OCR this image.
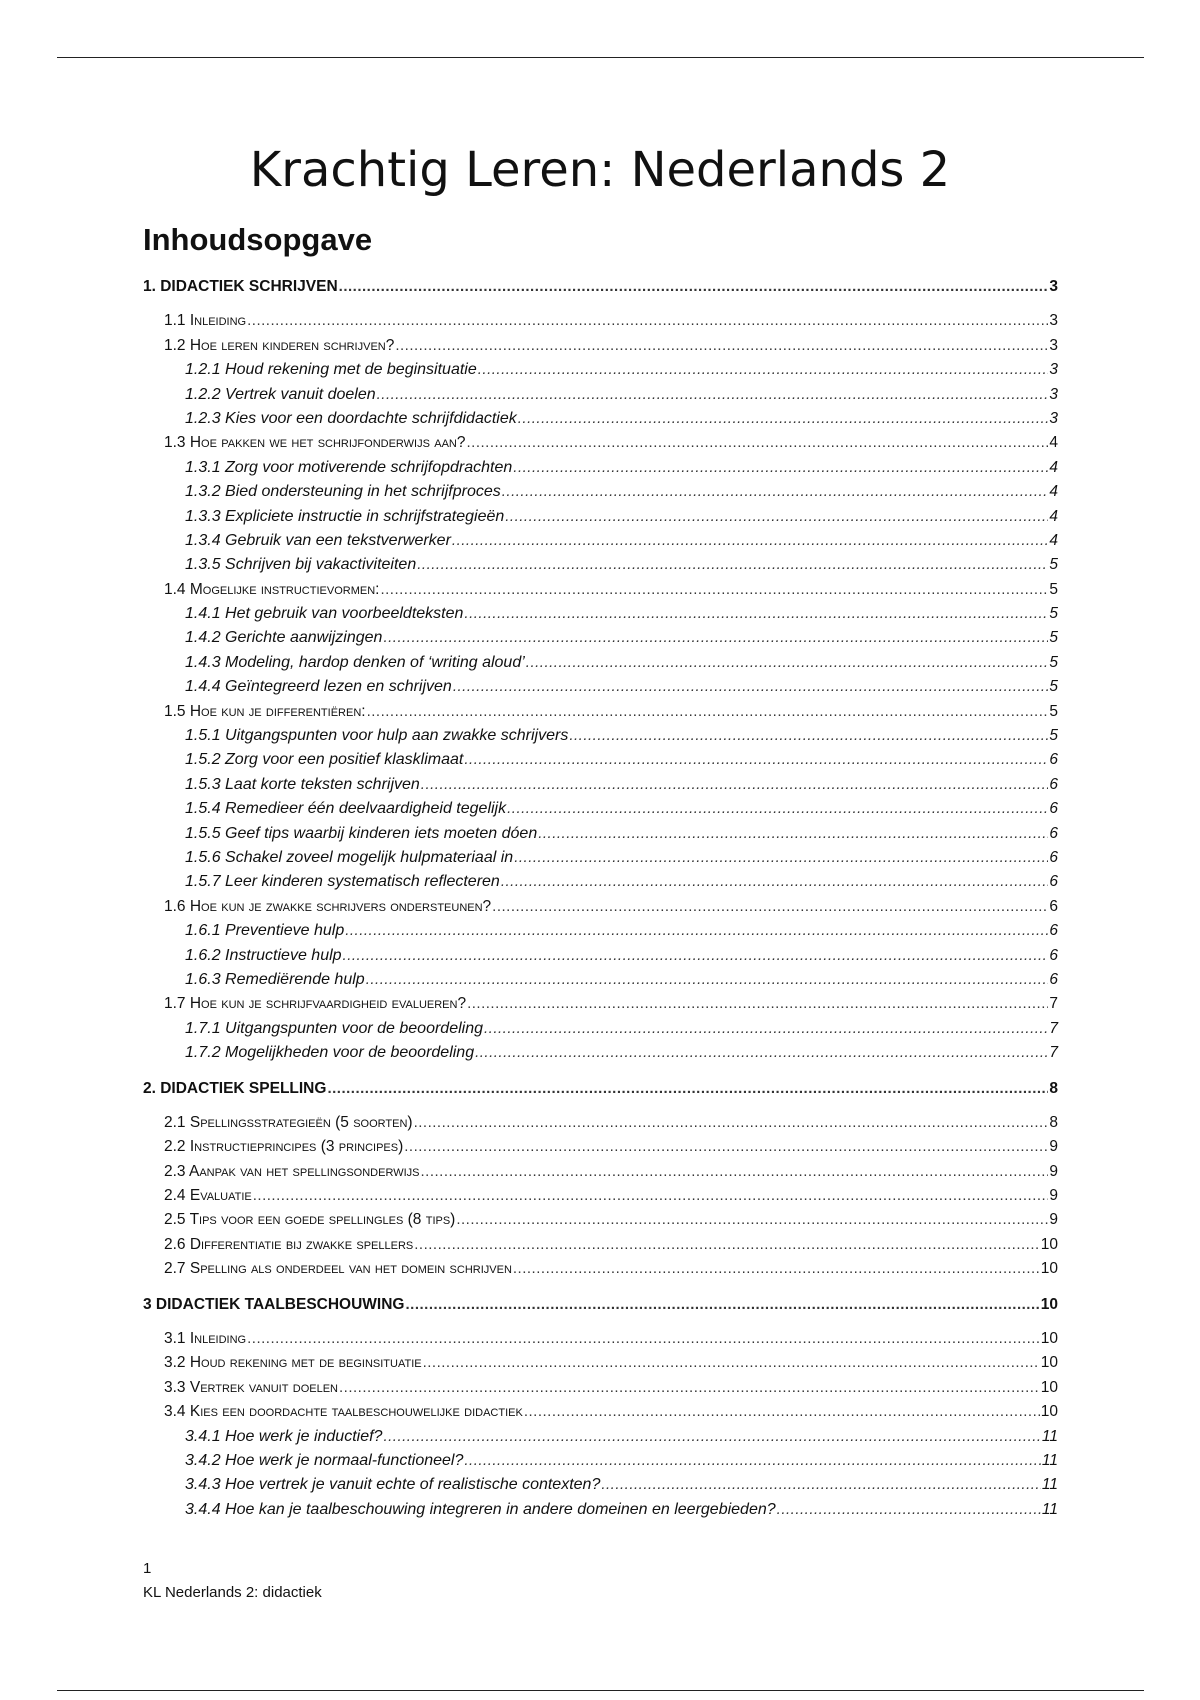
Krachtig Leren: Nederlands 2
Inhoudsopgave
1. DIDACTIEK SCHRIJVEN .....	3
1.1 Inleiding .....	3
1.2 Hoe leren kinderen schrijven? .....	3
1.2.1 Houd rekening met de beginsituatie .....	3
1.2.2 Vertrek vanuit doelen .....	3
1.2.3 Kies voor een doordachte schrijfdidactiek .....	3
1.3 Hoe pakken we het schrijfonderwijs aan? .....	4
1.3.1 Zorg voor motiverende schrijfopdrachten .....	4
1.3.2 Bied ondersteuning in het schrijfproces .....	4
1.3.3 Expliciete instructie in schrijfstrategieën .....	4
1.3.4 Gebruik van een tekstverwerker .....	4
1.3.5 Schrijven bij vakactiviteiten .....	5
1.4 Mogelijke instructievormen: .....	5
1.4.1 Het gebruik van voorbeeldteksten .....	5
1.4.2 Gerichte aanwijzingen .....	5
1.4.3 Modeling, hardop denken of ‘writing aloud’ .....	5
1.4.4 Geïntegreerd lezen en schrijven .....	5
1.5 Hoe kun je differentiëren: .....	5
1.5.1 Uitgangspunten voor hulp aan zwakke schrijvers .....	5
1.5.2 Zorg voor een positief klasklimaat .....	6
1.5.3 Laat korte teksten schrijven .....	6
1.5.4 Remedieer één deelvaardigheid tegelijk .....	6
1.5.5 Geef tips waarbij kinderen iets moeten dóen .....	6
1.5.6 Schakel zoveel mogelijk hulpmateriaal in .....	6
1.5.7 Leer kinderen systematisch reflecteren .....	6
1.6 Hoe kun je zwakke schrijvers ondersteunen? .....	6
1.6.1 Preventieve hulp .....	6
1.6.2 Instructieve hulp .....	6
1.6.3 Remediërende hulp .....	6
1.7 Hoe kun je schrijfvaardigheid evalueren? .....	7
1.7.1 Uitgangspunten voor de beoordeling .....	7
1.7.2 Mogelijkheden voor de beoordeling .....	7
2. DIDACTIEK SPELLING .....	8
2.1 Spellingsstrategieën (5 soorten) .....	8
2.2 Instructieprincipes (3 principes) .....	9
2.3 Aanpak van het spellingsonderwijs .....	9
2.4 Evaluatie .....	9
2.5 Tips voor een goede spellingles (8 tips) .....	9
2.6 Differentiatie bij zwakke spellers .....	10
2.7 Spelling als onderdeel van het domein schrijven .....	10
3 DIDACTIEK TAALBESCHOUWING .....	10
3.1 Inleiding .....	10
3.2 Houd rekening met de beginsituatie .....	10
3.3 Vertrek vanuit doelen .....	10
3.4 Kies een doordachte taalbeschouwelijke didactiek .....	10
3.4.1 Hoe werk je inductief? .....	11
3.4.2 Hoe werk je normaal-functioneel? .....	11
3.4.3 Hoe vertrek je vanuit echte of realistische contexten? .....	11
3.4.4 Hoe kan je taalbeschouwing integreren in andere domeinen en leergebieden? .....	11
1
KL Nederlands 2: didactiek
